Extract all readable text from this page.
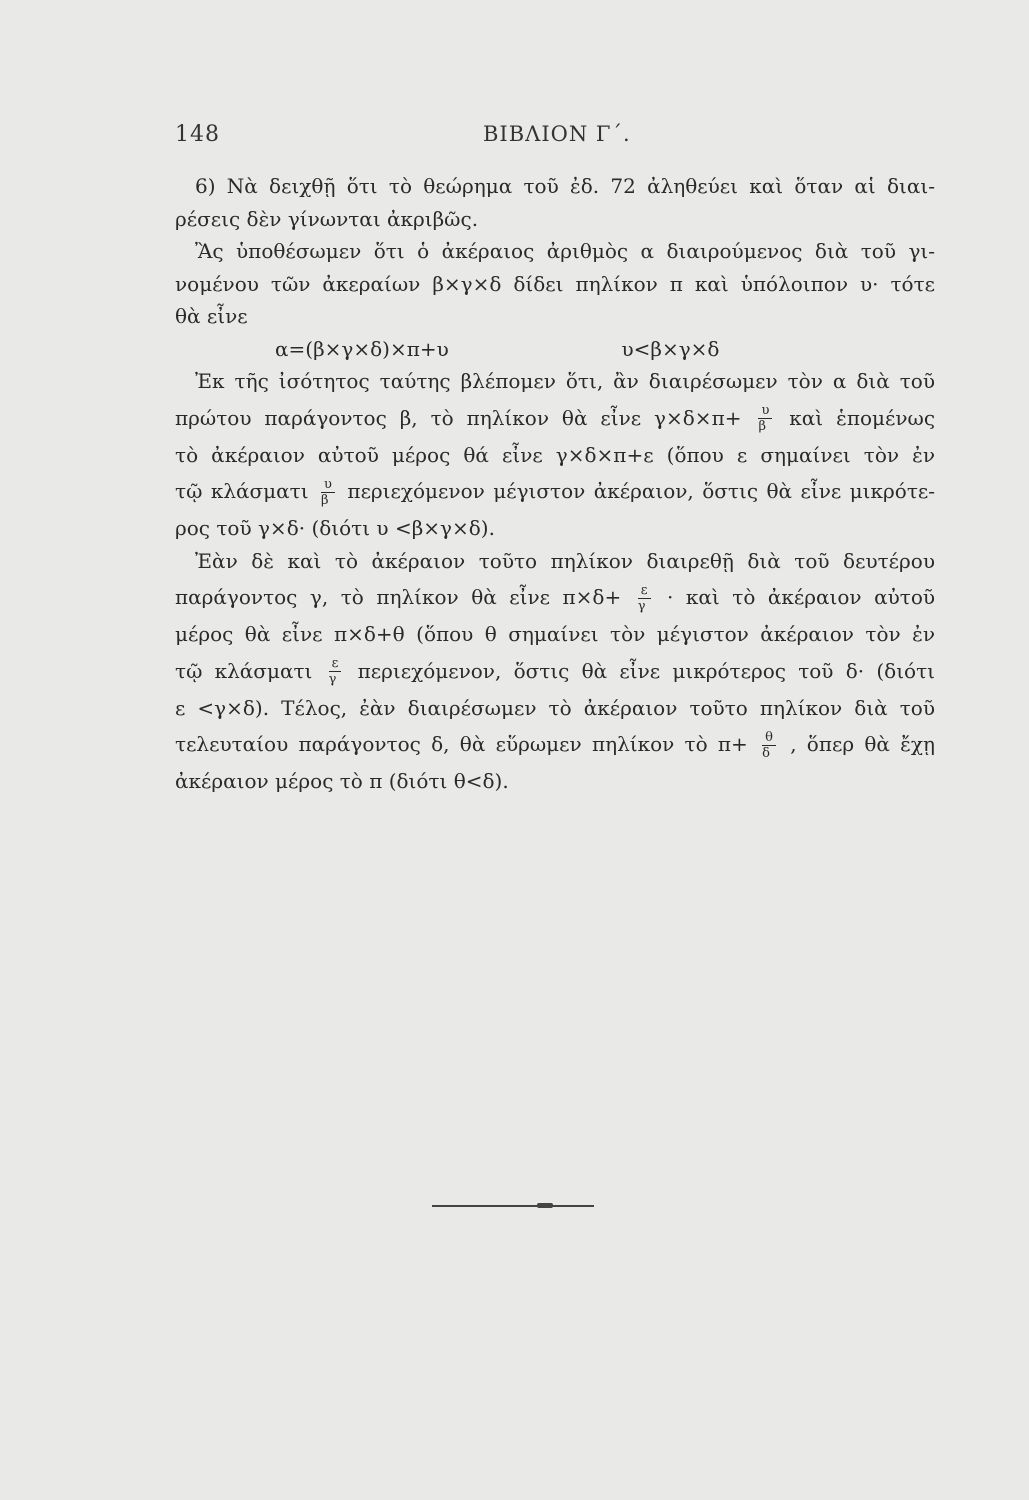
148	ΒΙΒΛΙΟΝ Γ΄.
6) Νὰ δειχθῇ ὅτι τὸ θεώρημα τοῦ ἐδ. 72 ἀληθεύει καὶ ὅταν αἱ διαι-
ρέσεις δὲν γίνωνται ἀκριβῶς.
Ἂς ὑποθέσωμεν ὅτι ὁ ἀκέραιος ἀριθμὸς α διαιρούμενος διὰ τοῦ γι-
νομένου τῶν ἀκεραίων β×γ×δ δίδει πηλίκον π καὶ ὑπόλοιπον υ· τότε
θὰ εἶνε
α=(β×γ×δ)×π+υ	υ<β×γ×δ
Ἐκ τῆς ἰσότητος ταύτης βλέπομεν ὅτι, ἂν διαιρέσωμεν τὸν α διὰ τοῦ
πρώτου παράγοντος β, τὸ πηλίκον θὰ εἶνε $\gamma\times\delta\times\pi+ \frac{\upsilon}{\beta}$ καὶ ἑπομένως
τὸ ἀκέραιον αὐτοῦ μέρος θά εἶνε γ×δ×π+ε (ὅπου ε σημαίνει τὸν ἐν
τῷ κλάσματι $\frac{\upsilon}{\beta}$ περιεχόμενον μέγιστον ἀκέραιον, ὅστις θὰ εἶνε μικρότε-
ρος τοῦ γ×δ· (διότι υ <β×γ×δ).
Ἐὰν δὲ καὶ τὸ ἀκέραιον τοῦτο πηλίκον διαιρεθῇ διὰ τοῦ δευτέρου
παράγοντος γ, τὸ πηλίκον θὰ εἶνε $\pi\times\delta+ \frac{\varepsilon}{\gamma}$ · καὶ τὸ ἀκέραιον αὐτοῦ
μέρος θὰ εἶνε π×δ+θ (ὅπου θ σημαίνει τὸν μέγιστον ἀκέραιον τὸν ἐν
τῷ κλάσματι $\frac{\varepsilon}{\gamma} \pi\varepsilon\rho\iota\varepsilon\chi ό\mu\varepsilon\nu o\nu$, ὅστις θὰ εἶνε μικρότερος τοῦ δ· (διότι
ε <γ×δ). Τέλος, ἐὰν διαιρέσωμεν τὸ ἀκέραιον τοῦτο πηλίκον διὰ τοῦ
τελευταίου παράγοντος δ, θὰ εὕρωμεν πηλίκον τὸ $\pi+ \frac{\theta}{\delta}$ , ὅπερ θὰ ἔχῃ
ἀκέραιον μέρος τὸ π (διότι θ<δ).
